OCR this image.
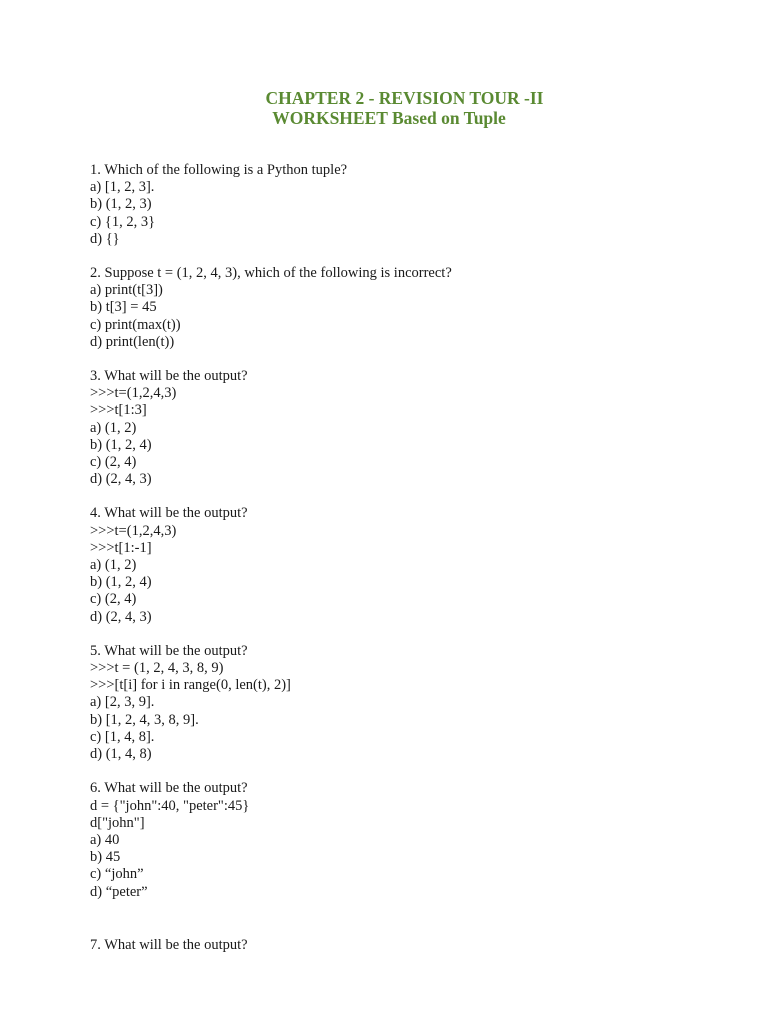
CHAPTER 2 - REVISION TOUR -II
WORKSHEET Based on Tuple
1. Which of the following is a Python tuple?
a) [1, 2, 3].
b) (1, 2, 3)
c) {1, 2, 3}
d) {}
2. Suppose t = (1, 2, 4, 3), which of the following is incorrect?
a) print(t[3])
b) t[3] = 45
c) print(max(t))
d) print(len(t))
3. What will be the output?
>>>t=(1,2,4,3)
>>>t[1:3]
a) (1, 2)
b) (1, 2, 4)
c) (2, 4)
d) (2, 4, 3)
4. What will be the output?
>>>t=(1,2,4,3)
>>>t[1:-1]
a) (1, 2)
b) (1, 2, 4)
c) (2, 4)
d) (2, 4, 3)
5. What will be the output?
>>>t = (1, 2, 4, 3, 8, 9)
>>>[t[i] for i in range(0, len(t), 2)]
a) [2, 3, 9].
b) [1, 2, 4, 3, 8, 9].
c) [1, 4, 8].
d) (1, 4, 8)
6. What will be the output?
d = {"john":40, "peter":45}
d["john"]
a) 40
b) 45
c) “john”
d) “peter”
7. What will be the output?
